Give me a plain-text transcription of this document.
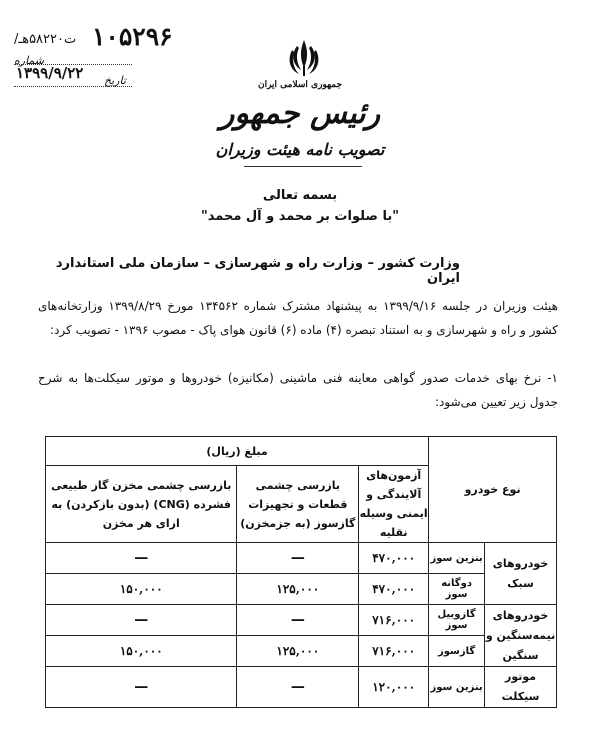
۱۰۵۲۹۶
/ت۵۸۲۲۰هـ
شماره
۱۳۹۹/۹/۲۲ تاریخ	جمهوری اسلامی ایران
رئیس جمهور
تصویب نامه هیئت وزیران
بسمه تعالی
"با صلوات بر محمد و آل محمد"
وزارت کشور – وزارت راه و شهرسازی – سازمان ملی استاندارد ایران
هیئت وزیران در جلسه ۱۳۹۹/۹/۱۶ به پیشنهاد مشترک شماره ۱۳۴۵۶۲ مورخ ۱۳۹۹/۸/۲۹ وزارتخانه‌های کشور و راه و شهرسازی و به استناد تبصره (۴) ماده (۶) قانون هوای پاک - مصوب ۱۳۹۶ - تصویب کرد:
۱- نرخ بهای خدمات صدور گواهی معاینه فنی ماشینی (مکانیزه) خودروها و موتور سیکلت‌ها به شرح جدول زیر تعیین می‌شود:
نوع خودرو		مبلغ (ریال)		
		آزمون‌های آلایندگی و ایمنی وسیله نقلیه	بازرسی چشمی قطعات و تجهیزات گازسوز (به جزمخزن)	بازرسی چشمی مخزن گاز طبیعی فشرده (CNG) (بدون بازکردن) به ازای هر مخزن
خودروهای سبک	بنزین سوز	۴۷۰,۰۰۰	—	—
	دوگانه سوز	۴۷۰,۰۰۰	۱۲۵,۰۰۰	۱۵۰,۰۰۰
خودروهای نیمه‌سنگین و سنگین	گازوییل سوز	۷۱۶,۰۰۰	—	—
	گازسوز	۷۱۶,۰۰۰	۱۲۵,۰۰۰	۱۵۰,۰۰۰
موتور سیکلت	بنزین سوز	۱۲۰,۰۰۰	—	—
